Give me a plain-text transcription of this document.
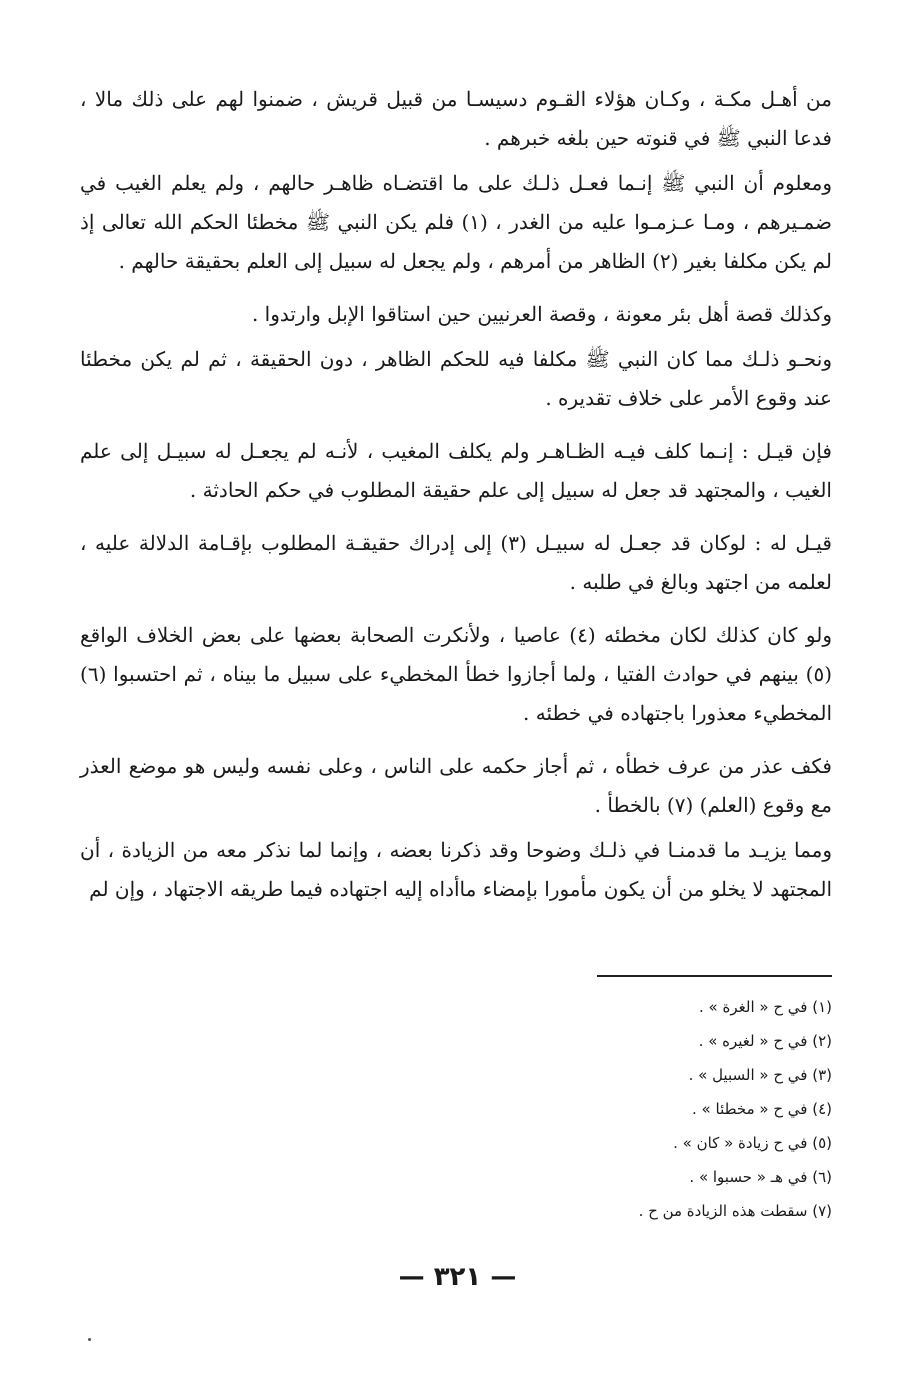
من أهـل مكـة ، وكـان هؤلاء القـوم دسيسـا من قبيل قريش ، ضمنوا لهم على ذلك مالا ، فدعا النبي ﷺ في قنوته حين بلغه خبرهم .

ومعلوم أن النبي ﷺ إنـما فعـل ذلـك على ما اقتضـاه ظاهـر حالهم ، ولم يعلم الغيب في ضمـيرهم ، ومـا عـزمـوا عليه من الغدر ، (١) فلم يكن النبي ﷺ مخطئا الحكم الله تعالى إذ لم يكن مكلفا بغير (٢) الظاهر من أمرهم ، ولم يجعل له سبيل إلى العلم بحقيقة حالهم .

وكذلك قصة أهل بئر معونة ، وقصة العرنيين حين استاقوا الإبل وارتدوا .

ونحـو ذلـك مما كان النبي ﷺ مكلفا فيه للحكم الظاهر ، دون الحقيقة ، ثم لم يكن مخطئا عند وقوع الأمر على خلاف تقديره .

فإن قيـل : إنـما كلف فيـه الظـاهـر ولم يكلف المغيب ، لأنـه لم يجعـل له سبيـل إلى علم الغيب ، والمجتهد قد جعل له سبيل إلى علم حقيقة المطلوب في حكم الحادثة .

قيـل له : لوكان قد جعـل له سبيـل (٣) إلى إدراك حقيقـة المطلوب بإقـامة الدلالة عليه ، لعلمه من اجتهد وبالغ في طلبه .

ولو كان كذلك لكان مخطئه (٤) عاصيا ، ولأنكرت الصحابة بعضها على بعض الخلاف الواقع (٥) بينهم في حوادث الفتيا ، ولما أجازوا خطأ المخطيء على سبيل ما بيناه ، ثم احتسبوا (٦) المخطيء معذورا باجتهاده في خطئه .

فكف عذر من عرف خطأه ، ثم أجاز حكمه على الناس ، وعلى نفسه وليس هو موضع العذر مع وقوع (العلم) (٧) بالخطأ .

ومما يزيـد ما قدمنـا في ذلـك وضوحا وقد ذكرنا بعضه ، وإنما لما نذكر معه من الزيادة ، أن المجتهد لا يخلو من أن يكون مأمورا بإمضاء ماأداه إليه اجتهاده فيما طريقه الاجتهاد ، وإن لم

(١) في ح « الغرة » .
(٢) في ح « لغيره » .
(٣) في ح « السبيل » .
(٤) في ح « مخطئا » .
(٥) في ح زيادة « كان » .
(٦) في هـ « حسبوا » .
(٧) سقطت هذه الزيادة من ح .
— ٣٢١ —
